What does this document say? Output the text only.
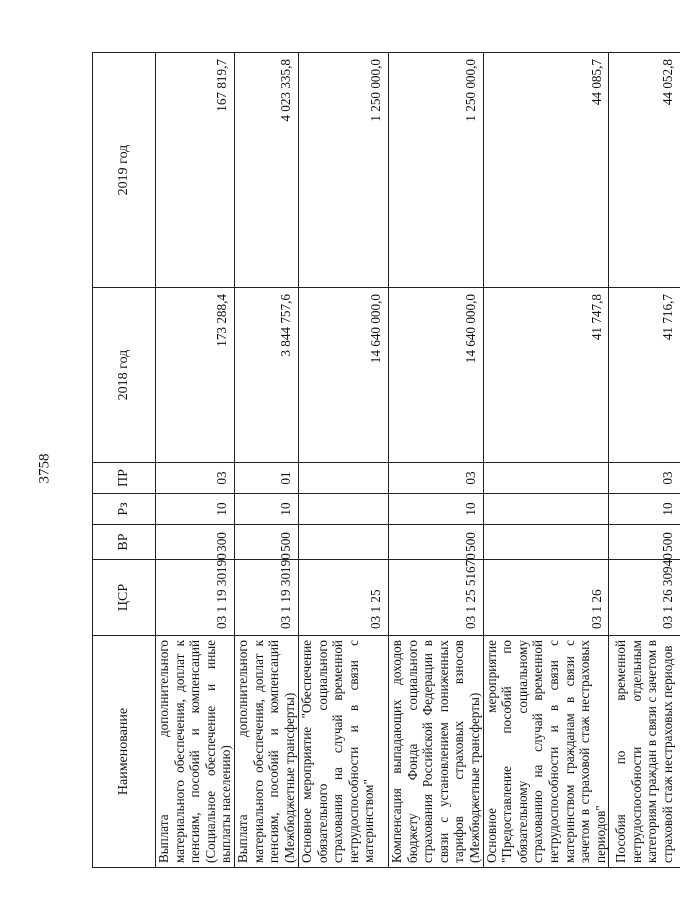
3758
Наименование	ЦСР	ВР	Рз	ПР	2018 год	2019 год
Выплата дополнительного материального обеспечения, доплат к пенсиям, пособий и компенсаций (Социальное обеспечение и иные выплаты населению)	03 1 19 30190	300	10	03	173 288,4	167 819,7
Выплата дополнительного материального обеспечения, доплат к пенсиям, пособий и компенсаций (Межбюджетные трансферты)	03 1 19 30190	500	10	01	3 844 757,6	4 023 335,8
Основное мероприятие "Обеспечение обязательного социального страхования на случай временной нетрудоспособности и в связи с материнством"	03 1 25				14 640 000,0	1 250 000,0
Компенсация выпадающих доходов бюджету Фонда социального страхования Российской Федерации в связи с установлением пониженных тарифов страховых взносов (Межбюджетные трансферты)	03 1 25 51670	500	10	03	14 640 000,0	1 250 000,0
Основное мероприятие "Предоставление пособий по обязательному социальному страхованию на случай временной нетрудоспособности и в связи с материнством гражданам в связи с зачетом в страховой стаж нестраховых периодов"	03 1 26				41 747,8	44 085,7
Пособия по временной нетрудоспособности отдельным категориям граждан в связи с зачетом в страховой стаж нестраховых периодов	03 1 26 30940	500	10	03	41 716,7	44 052,8
